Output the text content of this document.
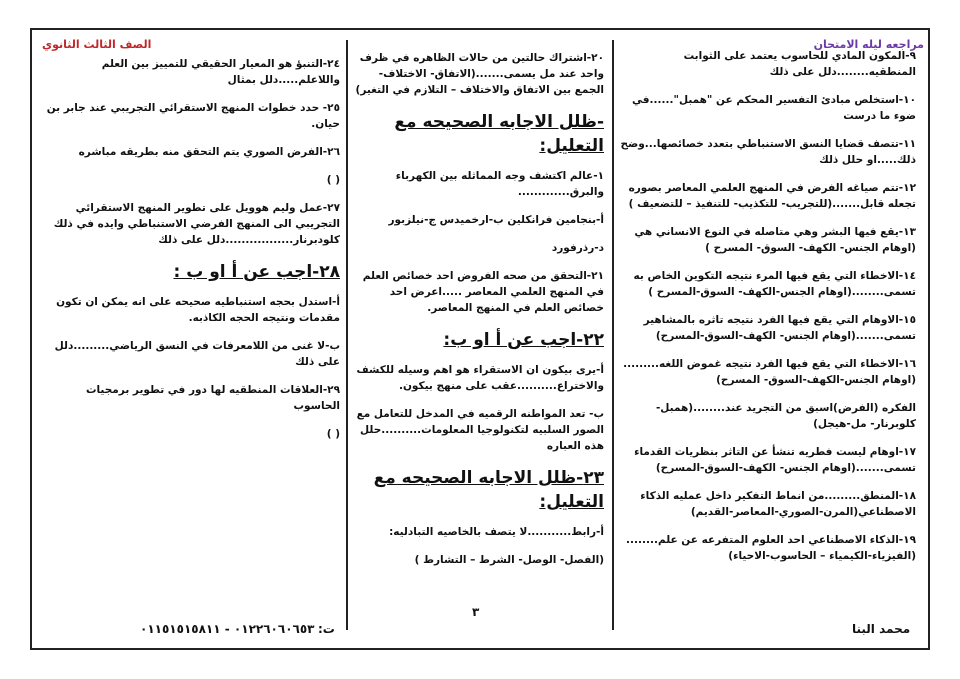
مراجعه ليله الامتحان
الصف الثالث الثانوي

٩-المكون المادي للحاسوب يعتمد على الثوابت المنطقيه........دلل على ذلك

١٠-استخلص مبادئ التفسير المحكم عن "همبل"......في ضوء ما درست

١١-تتصف قضايا النسق الاستنباطي بتعدد خصائصها...وضح ذلك.....او حلل ذلك

١٢-تتم صياغه الفرض في المنهج العلمي المعاصر بصوره تجعله قابل.......(للتجريب- للتكذيب- للتنفيذ – للتضعيف )

١٣-يقع فيها البشر وهي متاصله في النوع الانساني هي (اوهام الجنس- الكهف- السوق- المسرح )

١٤-الاخطاء التي يقع فيها المرء نتيجه التكوين الخاص به تسمى........(اوهام الجنس-الكهف- السوق-المسرح )

١٥-الاوهام التي يقع فيها الفرد نتيجه تاثره بالمشاهير تسمى.......(اوهام الجنس- الكهف-السوق-المسرح)

١٦-الاخطاء التي يقع فيها الفرد نتيجه غموض اللغه.........(اوهام الجنس-الكهف-السوق- المسرح)

الفكره (الفرض)اسبق من التجريد عند........(همبل- كلوبرنار- مل-هيجل)

١٧-اوهام ليست فطريه تنشأ عن التاثر بنظريات القدماء تسمى.......(اوهام الجنس- الكهف-السوق-المسرح)

١٨-المنطق.........من انماط التفكير داخل عمليه الذكاء الاصطناعي(المرن-الصوري-المعاصر-القديم)

١٩-الذكاء الاصطناعي احد العلوم المتفرعه عن علم........(الفيزياء-الكيمياء – الحاسوب-الاحياء)

٢٠-اشتراك حالتين من حالات الظاهره في ظرف واحد عند مل يسمى.......(الاتفاق- الاختلاف-الجمع بين الاتفاق والاختلاف – التلازم في التغير)

-ظلل الاجابه الصحيحه مع التعليل:

١-عالم اكتشف وجه المماثله بين الكهرباء والبرق.............

أ-بنجامين فرانكلين ب-ارخميدس ج-نيلزبور

د-رذرفورد

٢١-التحقق من صحه الفروض احد خصائص العلم في المنهج العلمي المعاصر .....اعرض احد خصائص العلم في المنهج المعاصر.

٢٢-اجب عن أ او ب:

أ-يرى بيكون ان الاستقراء هو اهم وسيله للكشف والاختراع..........عقب على منهج بيكون.

ب- تعد المواطنه الرقميه في المدخل للتعامل مع الصور السلبيه لتكنولوجيا المعلومات..........حلل هذه العباره

٢٣-ظلل الاجابه الصحيحه مع التعليل:

أ-رابط...........لا يتصف بالخاصيه التبادليه:

(الفصل- الوصل- الشرط – التشارط )

٢٤-التنبؤ هو المعيار الحقيقي للتمييز بين العلم واللاعلم.....دلل بمثال

٢٥- حدد خطوات المنهج الاستقرائي التجريبي عند جابر بن حيان.

٢٦-الفرض الصوري يتم التحقق منه بطريقه مباشره

( )

٢٧-عمل وليم هوويل على تطوير المنهج الاستقرائي التجريبي الى المنهج الفرضي الاستنباطي وايده في ذلك كلودبرنار.................دلل على ذلك

٢٨-اجب عن أ او ب :

أ-استدل بحجه استنباطيه صحيحه على انه يمكن ان تكون مقدمات ونتيجه الحجه الكاذبه.

ب-لا غنى من اللامعرفات في النسق الرياضي.........دلل على ذلك

٢٩-العلاقات المنطقيه لها دور في تطوير برمجيات الحاسوب

( )

٣
محمد البنا
ت:
٠١٢٢٦٠٦٠٦٥٣ - ٠١١٥١٥١٥٨١١
